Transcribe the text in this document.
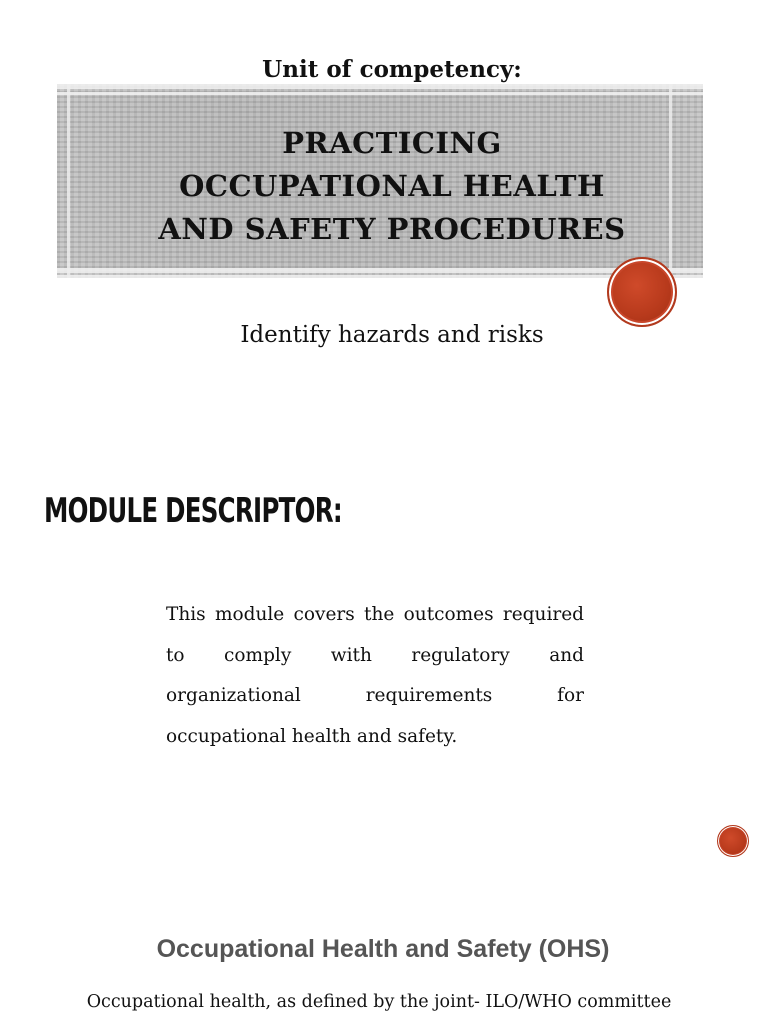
Unit of competency:
PRACTICING
OCCUPATIONAL HEALTH
AND SAFETY PROCEDURES
Identify hazards and risks
MODULE DESCRIPTOR:
This module covers the outcomes required to comply with regulatory and organizational requirements for occupational health and safety.
Occupational Health and Safety (OHS)
Occupational health, as defined by the joint- ILO/WHO committee
